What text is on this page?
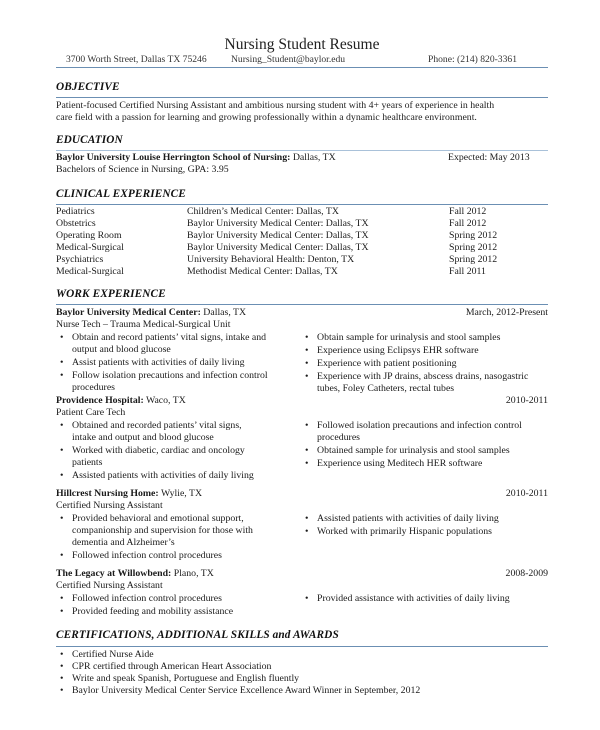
Nursing Student Resume
3700 Worth Street, Dallas TX 75246	Nursing_Student@baylor.edu	Phone: (214) 820-3361
OBJECTIVE
Patient-focused Certified Nursing Assistant and ambitious nursing student with 4+ years of experience in health
care field with a passion for learning and growing professionally within a dynamic healthcare environment.
EDUCATION
Baylor University Louise Herrington School of Nursing: Dallas, TX	Expected: May 2013
Bachelors of Science in Nursing, GPA: 3.95
CLINICAL EXPERIENCE
Pediatrics	Children’s Medical Center: Dallas, TX	Fall 2012
Obstetrics	Baylor University Medical Center: Dallas, TX	Fall 2012
Operating Room	Baylor University Medical Center: Dallas, TX	Spring 2012
Medical-Surgical	Baylor University Medical Center: Dallas, TX	Spring 2012
Psychiatrics	University Behavioral Health: Denton, TX	Spring 2012
Medical-Surgical	Methodist Medical Center: Dallas, TX	Fall 2011
WORK EXPERIENCE
Baylor University Medical Center: Dallas, TX	March, 2012-Present
Nurse Tech – Trauma Medical-Surgical Unit
• Obtain and record patients’ vital signs, intake and
output and blood glucose
• Assist patients with activities of daily living
• Follow isolation precautions and infection control
procedures
• Obtain sample for urinalysis and stool samples
• Experience using Eclipsys EHR software
• Experience with patient positioning
• Experience with JP drains, abscess drains, nasogastric
tubes, Foley Catheters, rectal tubes
Providence Hospital: Waco, TX	2010-2011
Patient Care Tech
• Obtained and recorded patients’ vital signs,
intake and output and blood glucose
• Worked with diabetic, cardiac and oncology
patients
• Assisted patients with activities of daily living
• Followed isolation precautions and infection control
procedures
• Obtained sample for urinalysis and stool samples
• Experience using Meditech HER software
Hillcrest Nursing Home: Wylie, TX	2010-2011
Certified Nursing Assistant
• Provided behavioral and emotional support,
companionship and supervision for those with
dementia and Alzheimer’s
• Followed infection control procedures
• Assisted patients with activities of daily living
• Worked with primarily Hispanic populations
The Legacy at Willowbend: Plano, TX	2008-2009
Certified Nursing Assistant
• Followed infection control procedures
• Provided feeding and mobility assistance
• Provided assistance with activities of daily living
CERTIFICATIONS, ADDITIONAL SKILLS and AWARDS
• Certified Nurse Aide
• CPR certified through American Heart Association
• Write and speak Spanish, Portuguese and English fluently
• Baylor University Medical Center Service Excellence Award Winner in September, 2012
